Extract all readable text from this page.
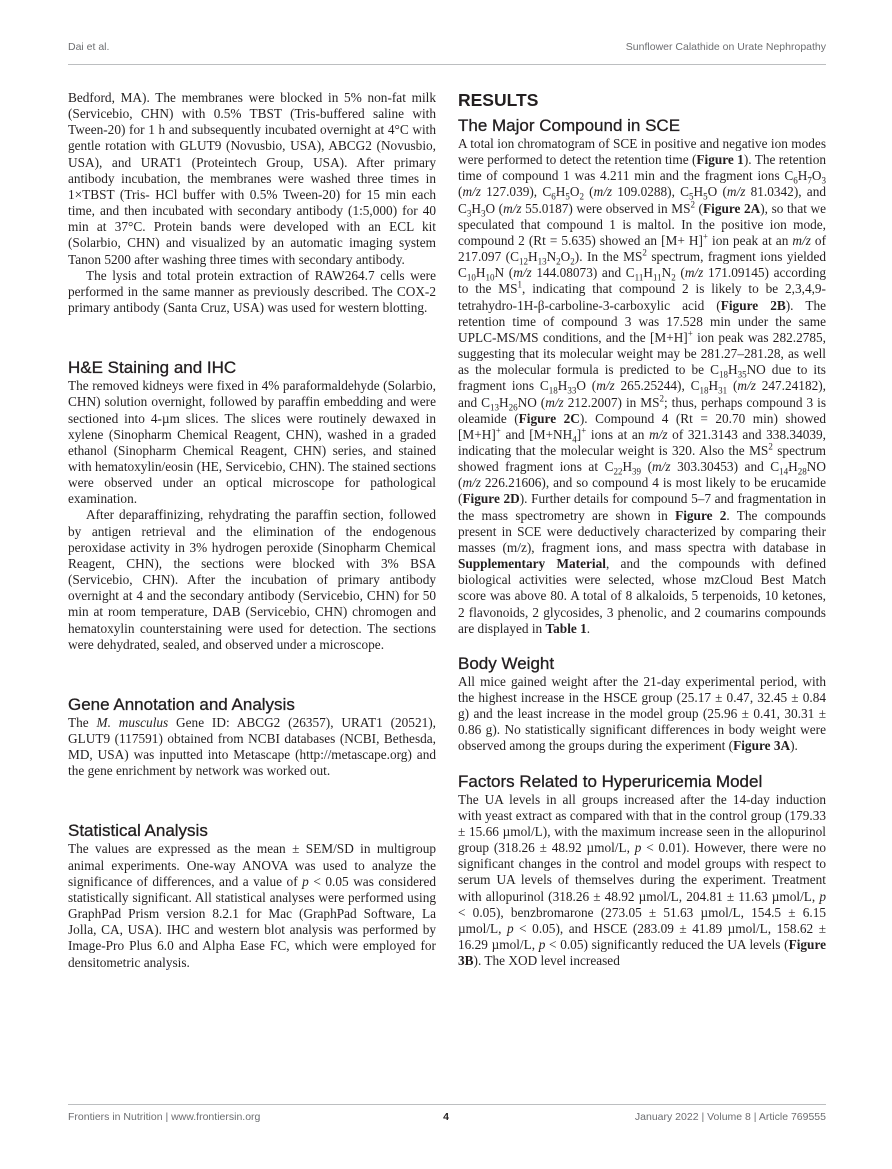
Dai et al.	Sunflower Calathide on Urate Nephropathy

Bedford, MA). The membranes were blocked in 5% non-fat milk (Servicebio, CHN) with 0.5% TBST (Tris-buffered saline with Tween-20) for 1 h and subsequently incubated overnight at 4°C with gentle rotation with GLUT9 (Novusbio, USA), ABCG2 (Novusbio, USA), and URAT1 (Proteintech Group, USA). After primary antibody incubation, the membranes were washed three times in 1×TBST (Tris- HCl buffer with 0.5% Tween-20) for 15 min each time, and then incubated with secondary antibody (1:5,000) for 40 min at 37°C. Protein bands were developed with an ECL kit (Solarbio, CHN) and visualized by an automatic imaging system Tanon 5200 after washing three times with secondary antibody.

The lysis and total protein extraction of RAW264.7 cells were performed in the same manner as previously described. The COX-2 primary antibody (Santa Cruz, USA) was used for western blotting.

H&E Staining and IHC

The removed kidneys were fixed in 4% paraformaldehyde (Solarbio, CHN) solution overnight, followed by paraffin embedding and were sectioned into 4-µm slices. The slices were routinely dewaxed in xylene (Sinopharm Chemical Reagent, CHN), washed in a graded ethanol (Sinopharm Chemical Reagent, CHN) series, and stained with hematoxylin/eosin (HE, Servicebio, CHN). The stained sections were observed under an optical microscope for pathological examination.

After deparaffinizing, rehydrating the paraffin section, followed by antigen retrieval and the elimination of the endogenous peroxidase activity in 3% hydrogen peroxide (Sinopharm Chemical Reagent, CHN), the sections were blocked with 3% BSA (Servicebio, CHN). After the incubation of primary antibody overnight at 4 and the secondary antibody (Servicebio, CHN) for 50 min at room temperature, DAB (Servicebio, CHN) chromogen and hematoxylin counterstaining were used for detection. The sections were dehydrated, sealed, and observed under a microscope.

Gene Annotation and Analysis

The M. musculus Gene ID: ABCG2 (26357), URAT1 (20521), GLUT9 (117591) obtained from NCBI databases (NCBI, Bethesda, MD, USA) was inputted into Metascape (http://metascape.org) and the gene enrichment by network was worked out.

Statistical Analysis

The values are expressed as the mean ± SEM/SD in multigroup animal experiments. One-way ANOVA was used to analyze the significance of differences, and a value of p < 0.05 was considered statistically significant. All statistical analyses were performed using GraphPad Prism version 8.2.1 for Mac (GraphPad Software, La Jolla, CA, USA). IHC and western blot analysis was performed by Image-Pro Plus 6.0 and Alpha Ease FC, which were employed for densitometric analysis.

RESULTS
The Major Compound in SCE

A total ion chromatogram of SCE in positive and negative ion modes were performed to detect the retention time (Figure 1). The retention time of compound 1 was 4.211 min and the fragment ions $C_6H_7O_3$ (m/z 127.039), $C_6H_5O_2$ (m/z 109.0288), $C_5H_5O$ (m/z 81.0342), and $C_3H_3O$ (m/z 55.0187) were observed in $MS^2$ (Figure 2A), so that we speculated that compound 1 is maltol. In the positive ion mode, compound 2 (Rt = 5.635) showed an [M+ H]+ ion peak at an m/z of 217.097 $(C_{12}H_{13}N_2O_2)$. In the $MS^2$ spectrum, fragment ions yielded $C_{10}H_{10}N$ (m/z 144.08073) and $C_{11}H_{11}N_2$ (m/z 171.09145) according to the $MS^1$, indicating that compound 2 is likely to be 2,3,4,9-tetrahydro-1H-β-carboline-3-carboxylic acid (Figure 2B). The retention time of compound 3 was 17.528 min under the same UPLC-MS/MS conditions, and the [M+H]+ ion peak was 282.2785, suggesting that its molecular weight may be 281.27–281.28, as well as the molecular formula is predicted to be $C_{18}H_{35}NO$ due to its fragment ions $C_{18}H_{33}O$ (m/z 265.25244), $C_{18}H_{31}$ (m/z 247.24182), and $C_{13}H_{26}NO$ (m/z 212.2007) in $MS^2$; thus, perhaps compound 3 is oleamide (Figure 2C). Compound 4 (Rt = 20.70 min) showed [M+H]+ and $[M+NH_4]^+$ ions at an m/z of 321.3143 and 338.34039, indicating that the molecular weight is 320. Also the $MS^2$ spectrum showed fragment ions at $C_{22}H_{39}$ (m/z 303.30453) and $C_{14}H_{28}NO$ (m/z 226.21606), and so compound 4 is most likely to be erucamide (Figure 2D). Further details for compound 5–7 and fragmentation in the mass spectrometry are shown in Figure 2. The compounds present in SCE were deductively characterized by comparing their masses (m/z), fragment ions, and mass spectra with database in Supplementary Material, and the compounds with defined biological activities were selected, whose mzCloud Best Match score was above 80. A total of 8 alkaloids, 5 terpenoids, 10 ketones, 2 flavonoids, 2 glycosides, 3 phenolic, and 2 coumarins compounds are displayed in Table 1.

Body Weight

All mice gained weight after the 21-day experimental period, with the highest increase in the HSCE group (25.17 ± 0.47, 32.45 ± 0.84 g) and the least increase in the model group (25.96 ± 0.41, 30.31 ± 0.86 g). No statistically significant differences in body weight were observed among the groups during the experiment (Figure 3A).

Factors Related to Hyperuricemia Model

The UA levels in all groups increased after the 14-day induction with yeast extract as compared with that in the control group (179.33 ± 15.66 µmol/L), with the maximum increase seen in the allopurinol group (318.26 ± 48.92 µmol/L, p < 0.01). However, there were no significant changes in the control and model groups with respect to serum UA levels of themselves during the experiment. Treatment with allopurinol (318.26 ± 48.92 µmol/L, 204.81 ± 11.63 µmol/L, p < 0.05), benzbromarone (273.05 ± 51.63 µmol/L, 154.5 ± 6.15 µmol/L, p < 0.05), and HSCE (283.09 ± 41.89 µmol/L, 158.62 ± 16.29 µmol/L, p < 0.05) significantly reduced the UA levels (Figure 3B). The XOD level increased

Frontiers in Nutrition | www.frontiersin.org	4	January 2022 | Volume 8 | Article 769555
